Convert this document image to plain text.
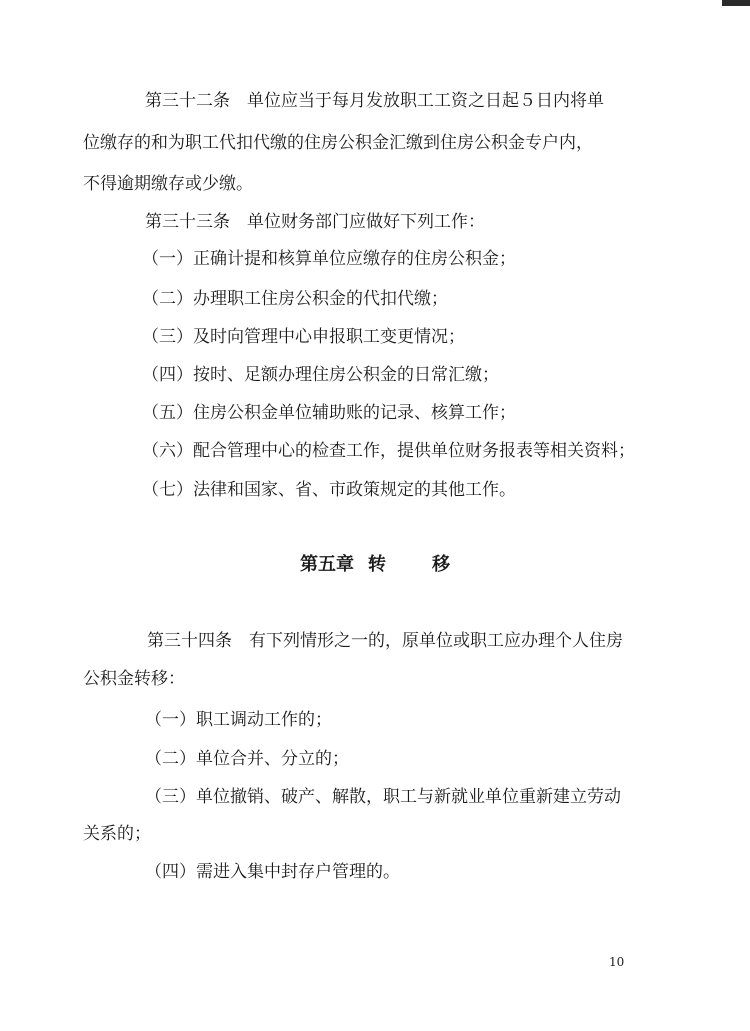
第三十二条　单位应当于每月发放职工工资之日起５日内将单

位缴存的和为职工代扣代缴的住房公积金汇缴到住房公积金专户内，

不得逾期缴存或少缴。

第三十三条　单位财务部门应做好下列工作：

（一）正确计提和核算单位应缴存的住房公积金；

（二）办理职工住房公积金的代扣代缴；

（三）及时向管理中心申报职工变更情况；

（四）按时、足额办理住房公积金的日常汇缴；

（五）住房公积金单位辅助账的记录、核算工作；

（六）配合管理中心的检查工作，提供单位财务报表等相关资料；

（七）法律和国家、省、市政策规定的其他工作。

第五章 转	移

第三十四条　有下列情形之一的，原单位或职工应办理个人住房

公积金转移：

（一）职工调动工作的；

（二）单位合并、分立的；

（三）单位撤销、破产、解散，职工与新就业单位重新建立劳动

关系的；

（四）需进入集中封存户管理的。

10
